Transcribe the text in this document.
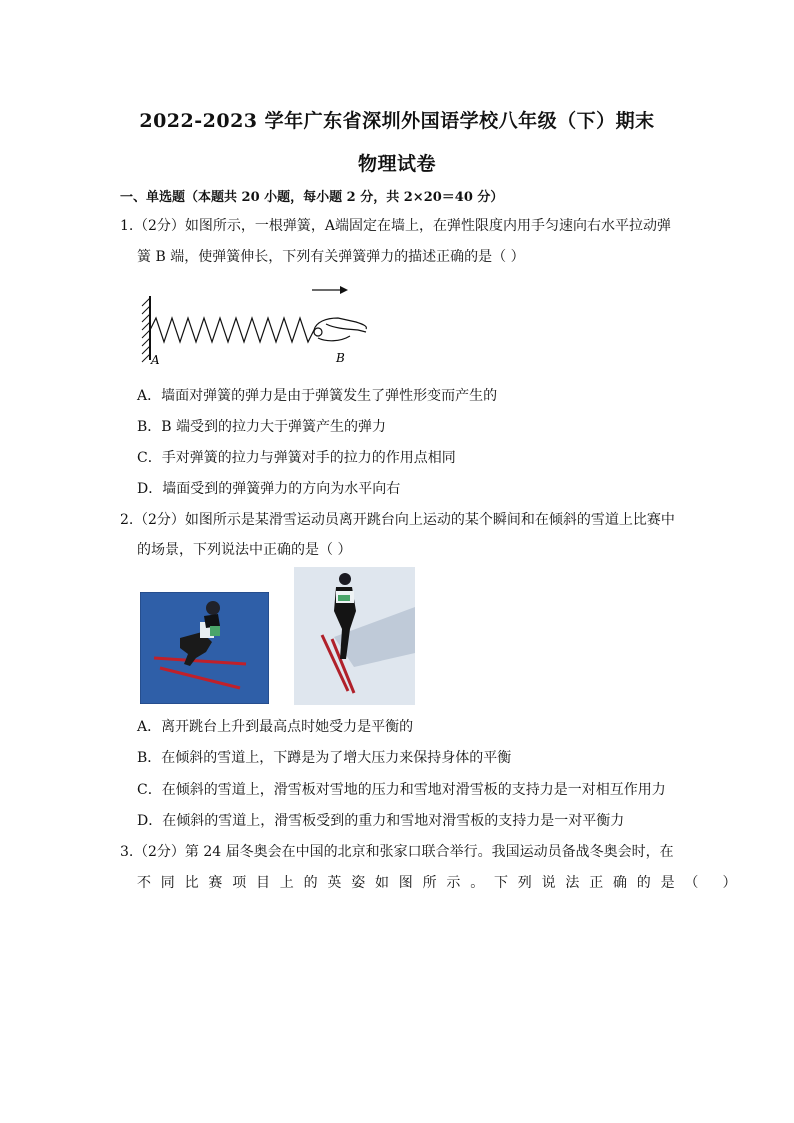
2022-2023 学年广东省深圳外国语学校八年级（下）期末
物理试卷
一、单选题（本题共 20 小题，每小题 2 分，共 2×20＝40 分）
1. （2分）如图所示，一根弹簧，A端固定在墙上，在弹性限度内用手匀速向右水平拉动弹
簧 B 端，使弹簧伸长，下列有关弹簧弹力的描述正确的是（ ）
A	B
A．墙面对弹簧的弹力是由于弹簧发生了弹性形变而产生的
B．B 端受到的拉力大于弹簧产生的弹力
C．手对弹簧的拉力与弹簧对手的拉力的作用点相同
D．墙面受到的弹簧弹力的方向为水平向右
2. （2分）如图所示是某滑雪运动员离开跳台向上运动的某个瞬间和在倾斜的雪道上比赛中
的场景，下列说法中正确的是（ ）
A．离开跳台上升到最高点时她受力是平衡的
B．在倾斜的雪道上，下蹲是为了增大压力来保持身体的平衡
C．在倾斜的雪道上，滑雪板对雪地的压力和雪地对滑雪板的支持力是一对相互作用力
D．在倾斜的雪道上，滑雪板受到的重力和雪地对滑雪板的支持力是一对平衡力
3. （2分）第 24 届冬奥会在中国的北京和张家口联合举行。我国运动员备战冬奥会时，在
不同比赛项目上的英姿如图所示。下列说法正确的是（ ）
